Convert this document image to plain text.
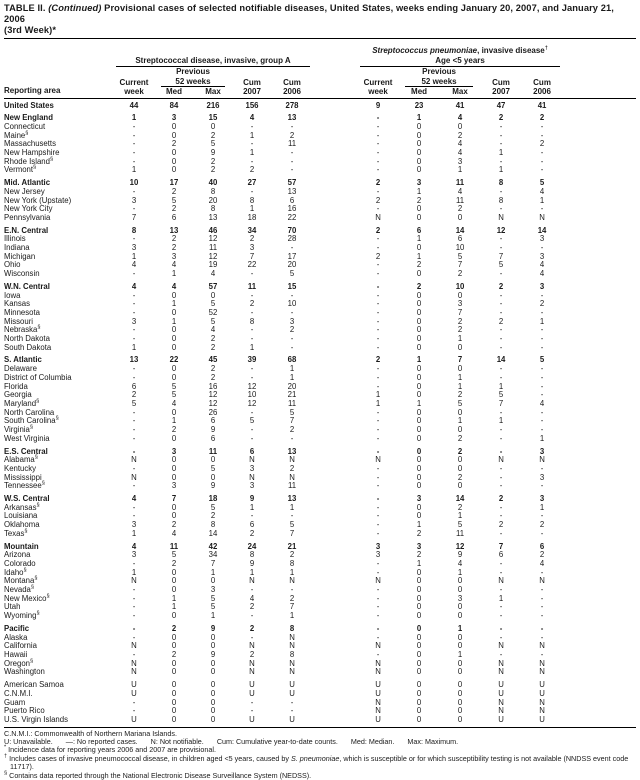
TABLE II. (Continued) Provisional cases of selected notifiable diseases, United States, weeks ending January 20, 2007, and January 21, 2006
(3rd Week)*
Reporting area	Streptococcal disease, invasive, group A						Streptococcus pneumoniae, invasive disease†
Age <5 years					

	Current	Previous
52 weeks		Cum	Cum		Current	Previous
52 weeks		Cum	Cum	
	week	Med	Max	2007	2006		week	Med	Max	2007	2006	
United States	44	84	216	156	278		9	23	41	47	41	
New England	1	3	15	4	13		-	1	4	2	2	
Connecticut	-	0	0	-	-		-	0	0	-	-	
Maine§	-	0	2	1	2		-	0	2	-	-	
Massachusetts	-	2	5	-	11		-	0	4	-	2	
New Hampshire	-	0	9	1	-		-	0	4	1	-	
Rhode Island§	-	0	2	-	-		-	0	3	-	-	
Vermont§	1	0	2	2	-		-	0	1	1	-	
Mid. Atlantic	10	17	40	27	57		2	3	11	8	5	
New Jersey	-	2	8	-	13		-	1	4	-	4	
New York (Upstate)	3	5	20	8	6		2	2	11	8	1	
New York City	-	2	8	1	16		-	0	2	-	-	
Pennsylvania	7	6	13	18	22		N	0	0	N	N	
E.N. Central	8	13	46	34	70		2	6	14	12	14	
Illinois	-	2	12	2	28		-	1	6	-	3	
Indiana	3	2	11	3	-		-	0	10	-	-	
Michigan	1	3	12	7	17		2	1	5	7	3	
Ohio	4	4	19	22	20		-	2	7	5	4	
Wisconsin	-	1	4	-	5		-	0	2	-	4	
W.N. Central	4	4	57	11	15		-	2	10	2	3	
Iowa	-	0	0	-	-		-	0	0	-	-	
Kansas	-	1	5	2	10		-	0	3	-	2	
Minnesota	-	0	52	-	-		-	0	7	-	-	
Missouri	3	1	5	8	3		-	0	2	2	1	
Nebraska§	-	0	4	-	2		-	0	2	-	-	
North Dakota	-	0	2	-	-		-	0	1	-	-	
South Dakota	1	0	2	1	-		-	0	0	-	-	
S. Atlantic	13	22	45	39	68		2	1	7	14	5	
Delaware	-	0	2	-	1		-	0	0	-	-	
District of Columbia	-	0	2	-	1		-	0	1	-	-	
Florida	6	5	16	12	20		-	0	1	1	-	
Georgia	2	5	12	10	21		1	0	2	5	-	
Maryland§	5	4	12	12	11		1	1	5	7	4	
North Carolina	-	0	26	-	5		-	0	0	-	-	
South Carolina§	-	1	6	5	7		-	0	1	1	-	
Virginia§	-	2	9	-	2		-	0	0	-	-	
West Virginia	-	0	6	-	-		-	0	2	-	1	
E.S. Central	-	3	11	6	13		-	0	2	-	3	
Alabama§	N	0	0	N	N		N	0	0	N	N	
Kentucky	-	0	5	3	2		-	0	0	-	-	
Mississippi	N	0	0	N	N		-	0	2	-	3	
Tennessee§	-	3	9	3	11		-	0	0	-	-	
W.S. Central	4	7	18	9	13		-	3	14	2	3	
Arkansas§	-	0	5	1	1		-	0	2	-	1	
Louisiana	-	0	2	-	-		-	0	1	-	-	
Oklahoma	3	2	8	6	5		-	1	5	2	2	
Texas§	1	4	14	2	7		-	2	11	-	-	
Mountain	4	11	42	24	21		3	3	12	7	6	
Arizona	3	5	34	8	2		3	2	9	6	2	
Colorado	-	2	7	9	8		-	1	4	-	4	
Idaho§	1	0	1	1	1		-	0	1	-	-	
Montana§	N	0	0	N	N		N	0	0	N	N	
Nevada§	-	0	3	-	-		-	0	0	-	-	
New Mexico§	-	1	5	4	2		-	0	3	1	-	
Utah	-	1	5	2	7		-	0	0	-	-	
Wyoming§	-	0	1	-	1		-	0	0	-	-	
Pacific	-	2	9	2	8		-	0	1	-	-	
Alaska	-	0	0	-	N		-	0	0	-	-	
California	N	0	0	N	N		N	0	0	N	N	
Hawaii	-	2	9	2	8		-	0	1	-	-	
Oregon§	N	0	0	N	N		N	0	0	N	N	
Washington	N	0	0	N	N		N	0	0	N	N	
American Samoa	U	0	0	U	U		U	0	0	U	U	
C.N.M.I.	U	0	0	U	U		U	0	0	U	U	
Guam	-	0	0	-	-		N	0	0	N	N	
Puerto Rico	-	0	0	-	-		N	0	0	N	N	
U.S. Virgin Islands	U	0	0	U	U		U	0	0	U	U	
C.N.M.I.: Commonwealth of Northern Mariana Islands.
U: Unavailable. —: No reported cases. N: Not notifiable. Cum: Cumulative year-to-date counts. Med: Median. Max: Maximum.
* Incidence data for reporting years 2006 and 2007 are provisional.
† Includes cases of invasive pneumococcal disease, in children aged <5 years, caused by S. pneumoniae, which is susceptible or for which susceptibility testing is not available (NNDSS event code 11717).
§ Contains data reported through the National Electronic Disease Surveillance System (NEDSS).
